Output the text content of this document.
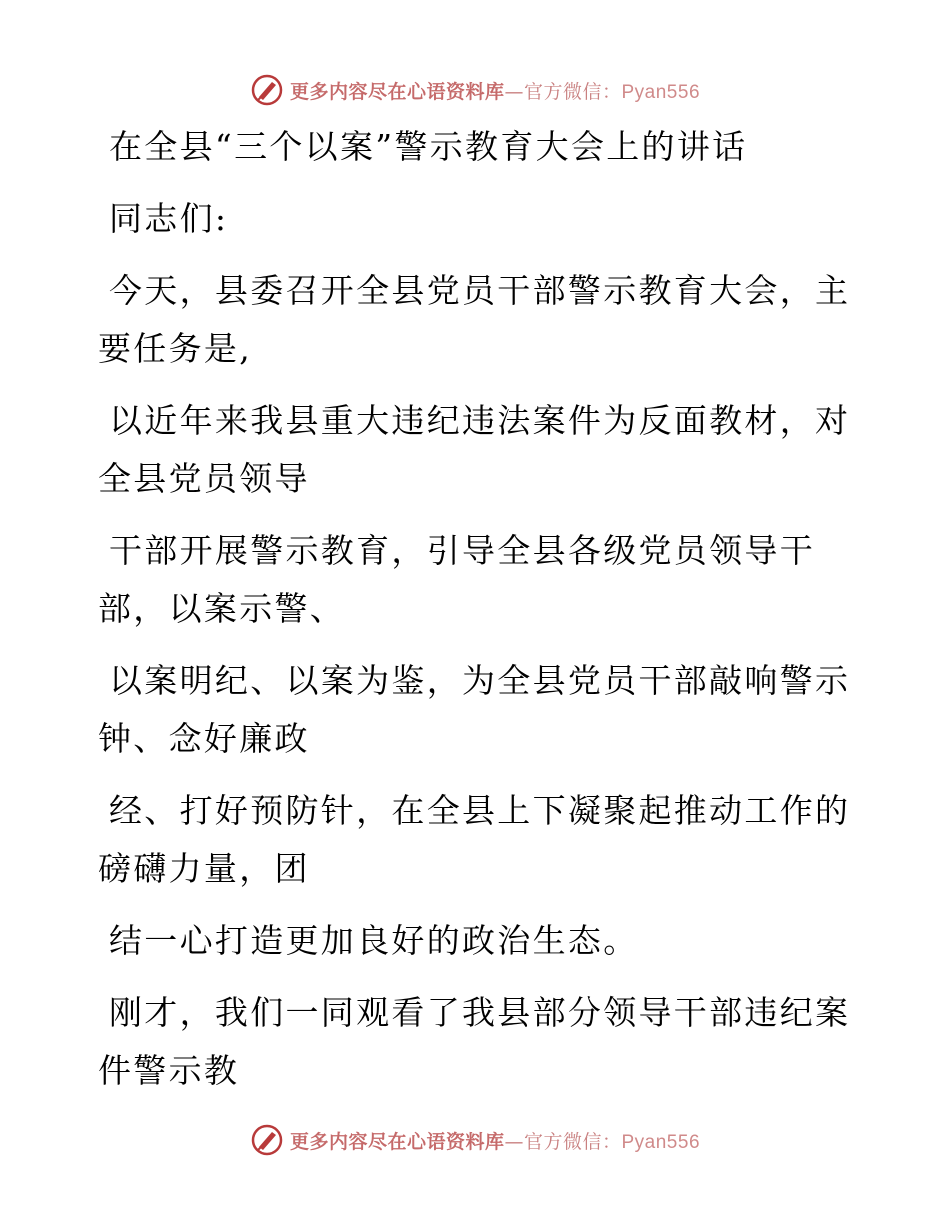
更多内容尽在心语资料库—官方微信：Pyan556

在全县“三个以案”警示教育大会上的讲话

同志们:

今天，县委召开全县党员干部警示教育大会，主
要任务是,

以近年来我县重大违纪违法案件为反面教材，对
全县党员领导

干部开展警示教育，引导全县各级党员领导干
部，以案示警、

以案明纪、以案为鉴，为全县党员干部敲响警示
钟、念好廉政

经、打好预防针，在全县上下凝聚起推动工作的
磅礴力量，团

结一心打造更加良好的政治生态。

刚才，我们一同观看了我县部分领导干部违纪案
件警示教

更多内容尽在心语资料库—官方微信：Pyan556
